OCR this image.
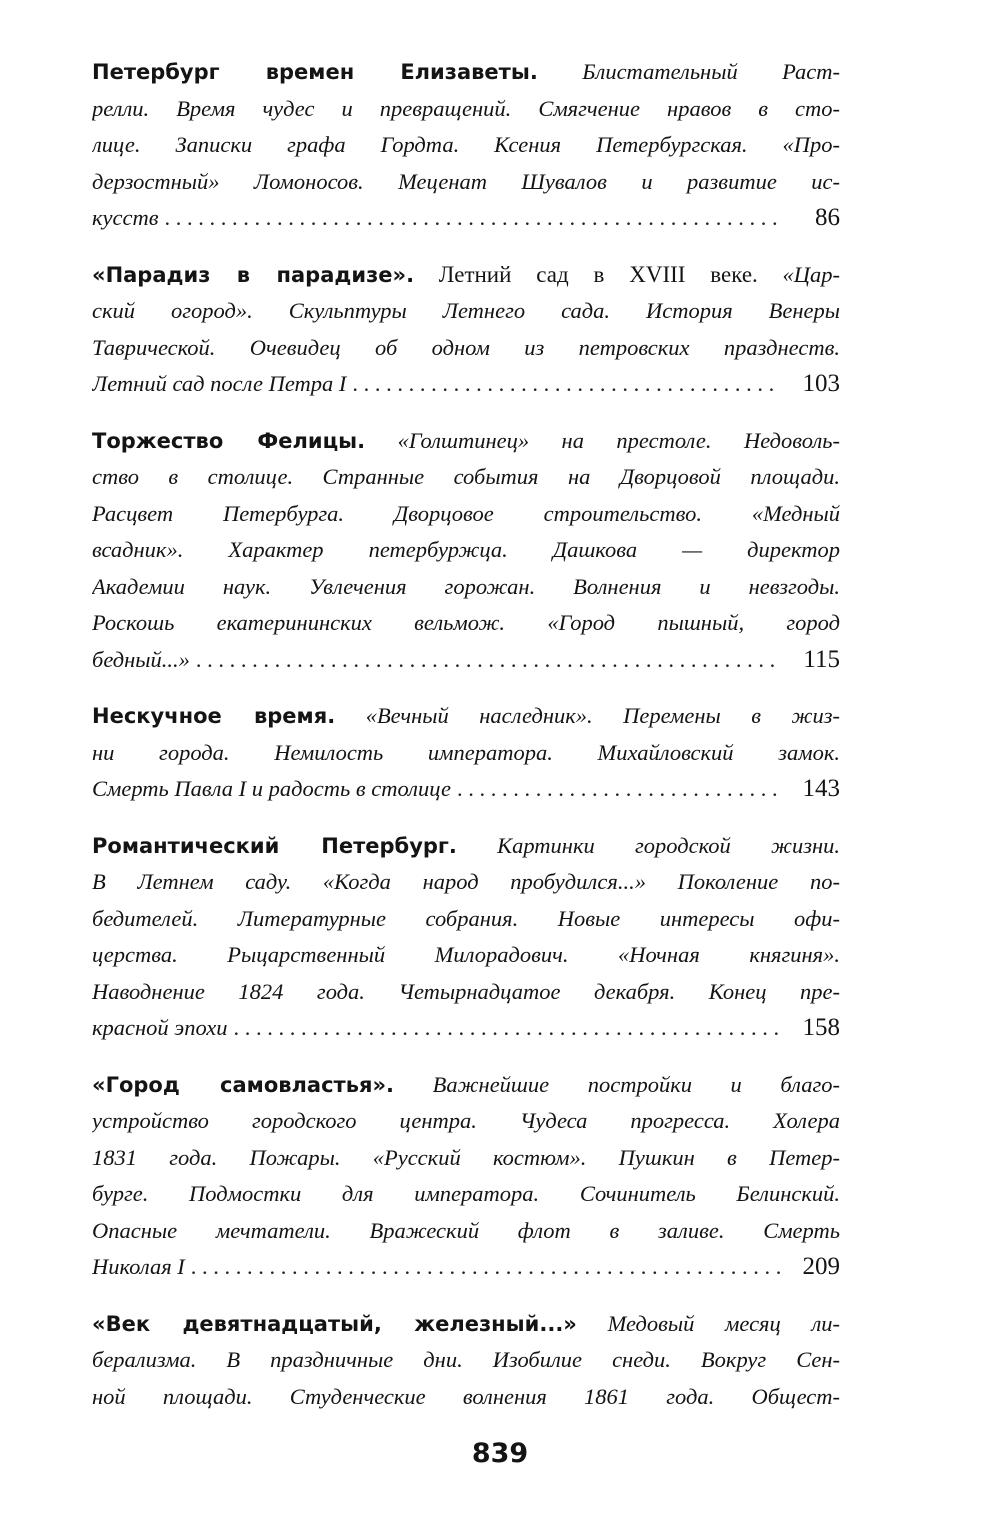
Петербург времен Елизаветы. Блистательный Раст-
релли. Время чудес и превращений. Смягчение нравов в сто-
лице. Записки графа Гордта. Ксения Петербургская. «Про-
дерзостный» Ломоносов. Меценат Шувалов и развитие ис-
кусств . . .	86
«Парадиз в парадизе». Летний сад в XVIII веке. «Цар-
ский огород». Скульптуры Летнего сада. История Венеры
Таврической. Очевидец об одном из петровских празднеств.
Летний сад после Петра I . . .	103
Торжество Фелицы. «Голштинец» на престоле. Недоволь-
ство в столице. Странные события на Дворцовой площади.
Расцвет Петербурга. Дворцовое строительство. «Медный
всадник». Характер петербуржца. Дашкова — директор
Академии наук. Увлечения горожан. Волнения и невзгоды.
Роскошь екатерининских вельмож. «Город пышный, город
бедный...» . . .	115
Нескучное время. «Вечный наследник». Перемены в жиз-
ни города. Немилость императора. Михайловский замок.
Смерть Павла I и радость в столице . . .	143
Романтический Петербург. Картинки городской жизни.
В Летнем саду. «Когда народ пробудился...» Поколение по-
бедителей. Литературные собрания. Новые интересы офи-
церства. Рыцарственный Милорадович. «Ночная княгиня».
Наводнение 1824 года. Четырнадцатое декабря. Конец пре-
красной эпохи . . .	158
«Город самовластья». Важнейшие постройки и благо-
устройство городского центра. Чудеса прогресса. Холера
1831 года. Пожары. «Русский костюм». Пушкин в Петер-
бурге. Подмостки для императора. Сочинитель Белинский.
Опасные мечтатели. Вражеский флот в заливе. Смерть
Николая I . . .	209
«Век девятнадцатый, железный...» Медовый месяц ли-
берализма. В праздничные дни. Изобилие снеди. Вокруг Сен-
ной площади. Студенческие волнения 1861 года. Общест-
839
